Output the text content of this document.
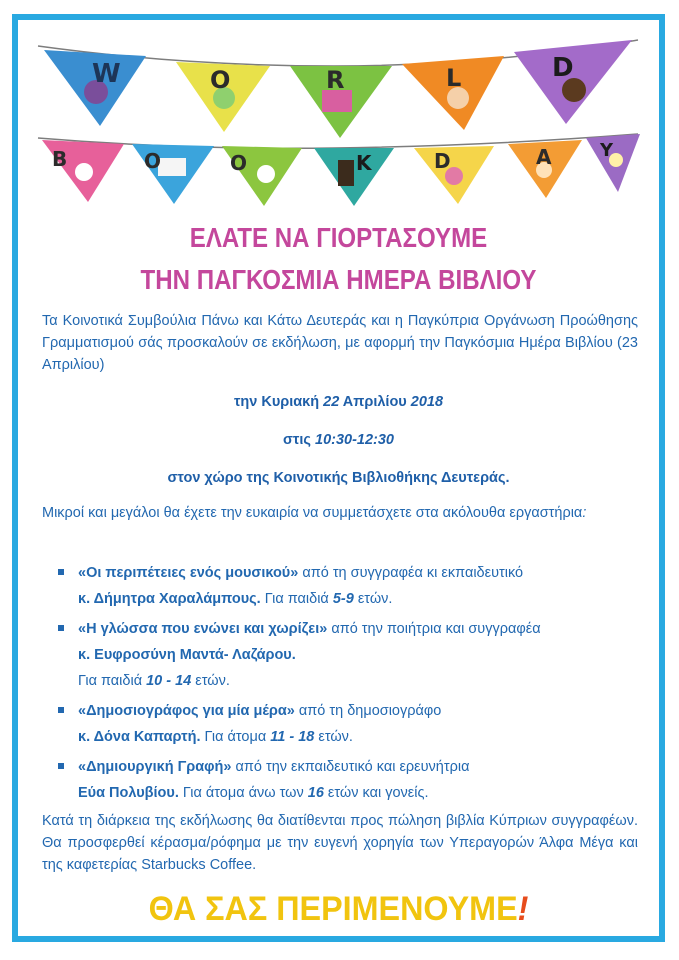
W	O	R	L	D
B	O	O	K	D	A	Y
ΕΛΑΤΕ ΝΑ ΓΙΟΡΤΑΣΟΥΜΕ
ΤΗΝ ΠΑΓΚΟΣΜΙΑ ΗΜΕΡΑ ΒΙΒΛΙΟΥ
Τα Κοινοτικά Συμβούλια Πάνω και Κάτω Δευτεράς και η Παγκύπρια Οργάνωση Προώθησης Γραμματισμού σάς προσκαλούν σε εκδήλωση, με αφορμή την Παγκόσμια Ημέρα Βιβλίου (23 Απριλίου)
την Κυριακή 22 Απριλίου 2018
στις 10:30-12:30
στον χώρο της Κοινοτικής Βιβλιοθήκης Δευτεράς.
Μικροί και μεγάλοι θα έχετε την ευκαιρία να συμμετάσχετε στα ακόλουθα εργαστήρια:
«Οι περιπέτειες ενός μουσικού» από τη συγγραφέα κι εκπαιδευτικό
κ. Δήμητρα Χαραλάμπους. Για παιδιά 5-9 ετών.
«Η γλώσσα που ενώνει και χωρίζει» από την ποιήτρια και συγγραφέα
κ. Ευφροσύνη Μαντά- Λαζάρου.
Για παιδιά 10 - 14 ετών.
«Δημοσιογράφος για μία μέρα» από τη δημοσιογράφο
κ. Δόνα Καπαρτή. Για άτομα 11 - 18 ετών.
«Δημιουργική Γραφή» από την εκπαιδευτικό και ερευνήτρια
Εύα Πολυβίου. Για άτομα άνω των 16 ετών και γονείς.
Κατά τη διάρκεια της εκδήλωσης θα διατίθενται προς πώληση βιβλία Κύπριων συγγραφέων. Θα προσφερθεί κέρασμα/ρόφημα με την ευγενή χορηγία των Υπεραγορών Άλφα Μέγα και της καφετερίας Starbucks Coffee.
ΘΑ ΣΑΣ ΠΕΡΙΜΕΝΟΥΜΕ!
